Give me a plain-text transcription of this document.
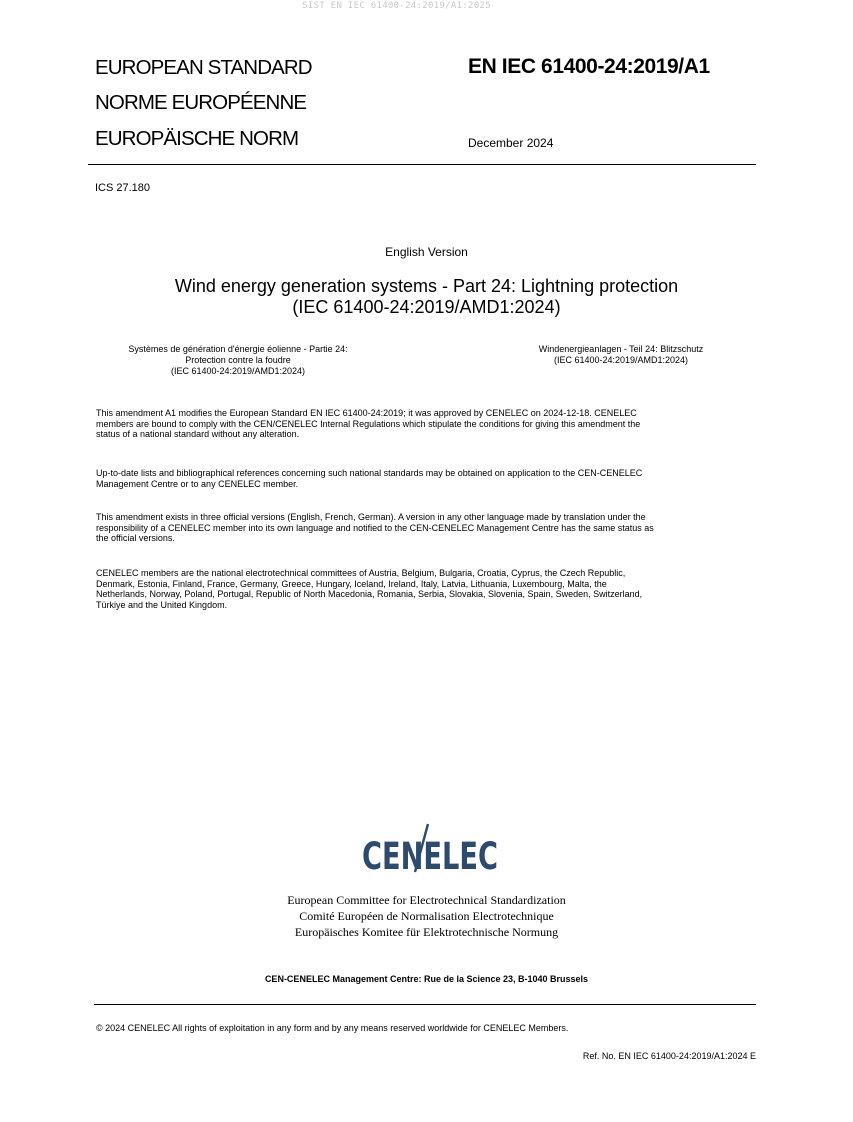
SIST EN IEC 61400-24:2019/A1:2025
EUROPEAN STANDARD
NORME EUROPÉENNE
EUROPÄISCHE NORM
EN IEC 61400-24:2019/A1
December 2024
ICS 27.180
English Version
Wind energy generation systems - Part 24: Lightning protection
(IEC 61400-24:2019/AMD1:2024)
Systèmes de génération d'énergie éolienne - Partie 24:
Protection contre la foudre
(IEC 61400-24:2019/AMD1:2024)
Windenergieanlagen - Teil 24: Blitzschutz
(IEC 61400-24:2019/AMD1:2024)
This amendment A1 modifies the European Standard EN IEC 61400-24:2019; it was approved by CENELEC on 2024-12-18. CENELEC
members are bound to comply with the CEN/CENELEC Internal Regulations which stipulate the conditions for giving this amendment the
status of a national standard without any alteration.
Up-to-date lists and bibliographical references concerning such national standards may be obtained on application to the CEN-CENELEC
Management Centre or to any CENELEC member.
This amendment exists in three official versions (English, French, German). A version in any other language made by translation under the
responsibility of a CENELEC member into its own language and notified to the CEN-CENELEC Management Centre has the same status as
the official versions.
CENELEC members are the national electrotechnical committees of Austria, Belgium, Bulgaria, Croatia, Cyprus, the Czech Republic,
Denmark, Estonia, Finland, France, Germany, Greece, Hungary, Iceland, Ireland, Italy, Latvia, Lithuania, Luxembourg, Malta, the
Netherlands, Norway, Poland, Portugal, Republic of North Macedonia, Romania, Serbia, Slovakia, Slovenia, Spain, Sweden, Switzerland,
Türkiye and the United Kingdom.
CENELEC
European Committee for Electrotechnical Standardization
Comité Européen de Normalisation Electrotechnique
Europäisches Komitee für Elektrotechnische Normung
CEN-CENELEC Management Centre: Rue de la Science 23, B-1040 Brussels
© 2024 CENELEC All rights of exploitation in any form and by any means reserved worldwide for CENELEC Members.
Ref. No. EN IEC 61400-24:2019/A1:2024 E
